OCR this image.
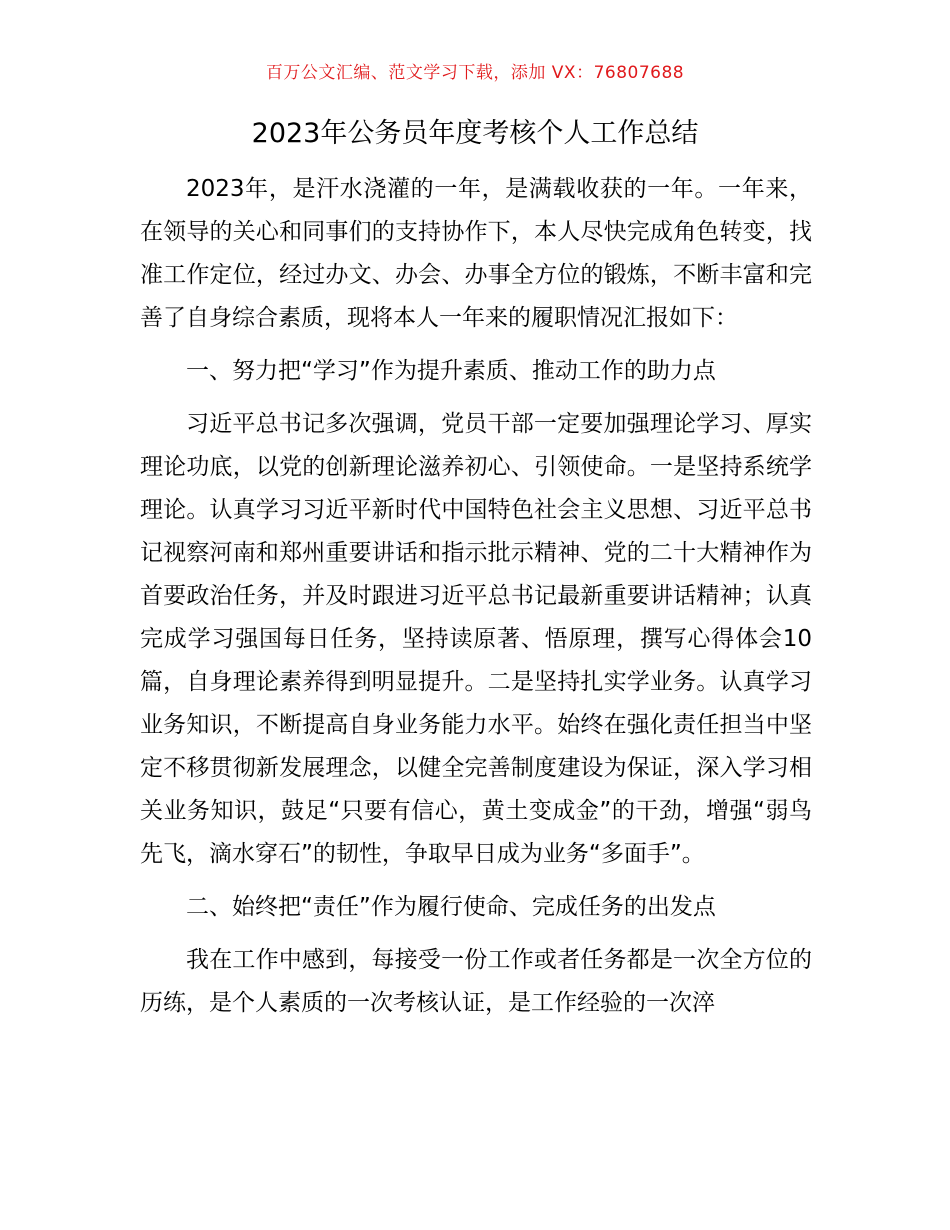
百万公文汇编、范文学习下载，添加 VX：76807688
2023年公务员年度考核个人工作总结

2023年，是汗水浇灌的一年，是满载收获的一年。一年来，在领导的关心和同事们的支持协作下，本人尽快完成角色转变，找准工作定位，经过办文、办会、办事全方位的锻炼，不断丰富和完善了自身综合素质，现将本人一年来的履职情况汇报如下：

一、努力把“学习”作为提升素质、推动工作的助力点

习近平总书记多次强调，党员干部一定要加强理论学习、厚实理论功底，以党的创新理论滋养初心、引领使命。一是坚持系统学理论。认真学习习近平新时代中国特色社会主义思想、习近平总书记视察河南和郑州重要讲话和指示批示精神、党的二十大精神作为首要政治任务，并及时跟进习近平总书记最新重要讲话精神；认真完成学习强国每日任务，坚持读原著、悟原理，撰写心得体会10篇，自身理论素养得到明显提升。二是坚持扎实学业务。认真学习业务知识，不断提高自身业务能力水平。始终在强化责任担当中坚定不移贯彻新发展理念，以健全完善制度建设为保证，深入学习相关业务知识，鼓足“只要有信心，黄土变成金”的干劲，增强“弱鸟先飞，滴水穿石”的韧性，争取早日成为业务“多面手”。

二、始终把“责任”作为履行使命、完成任务的出发点

我在工作中感到，每接受一份工作或者任务都是一次全方位的历练，是个人素质的一次考核认证，是工作经验的一次淬
